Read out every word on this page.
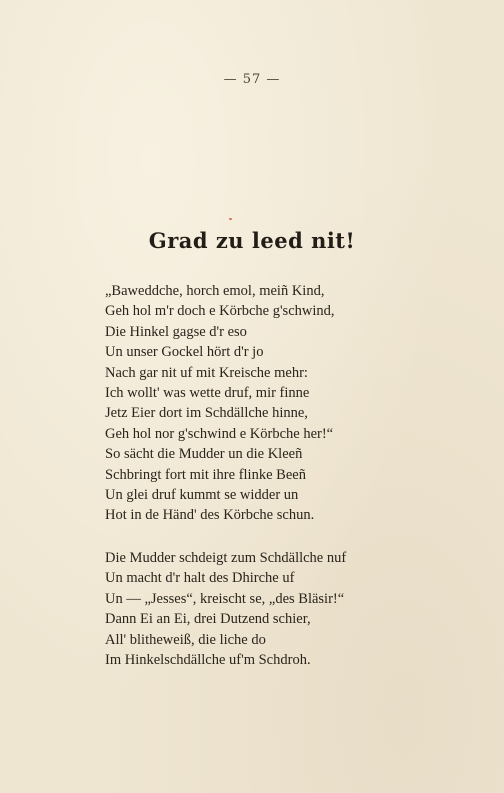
— 57 —
Grad zu leed nit!
„Baweddche, horch emol, meiñ Kind,
Geh hol m'r doch e Körbche g'schwind,
Die Hinkel gagse d'r eso
Un unser Gockel hört d'r jo
Nach gar nit uf mit Kreische mehr:
Ich wollt' was wette druf, mir finne
Jetz Eier dort im Schdällche hinne,
Geh hol nor g'schwind e Körbche her!“
So sächt die Mudder un die Kleeñ
Schbringt fort mit ihre flinke Beeñ
Un glei druf kummt se widder un
Hot in de Händ' des Körbche schun.
Die Mudder schdeigt zum Schdällche nuf
Un macht d'r halt des Dhirche uf
Un — „Jesses“, kreischt se, „des Bläsir!“
Dann Ei an Ei, drei Dutzend schier,
All' blitheweiß, die liche do
Im Hinkelschdällche uf'm Schdroh.
